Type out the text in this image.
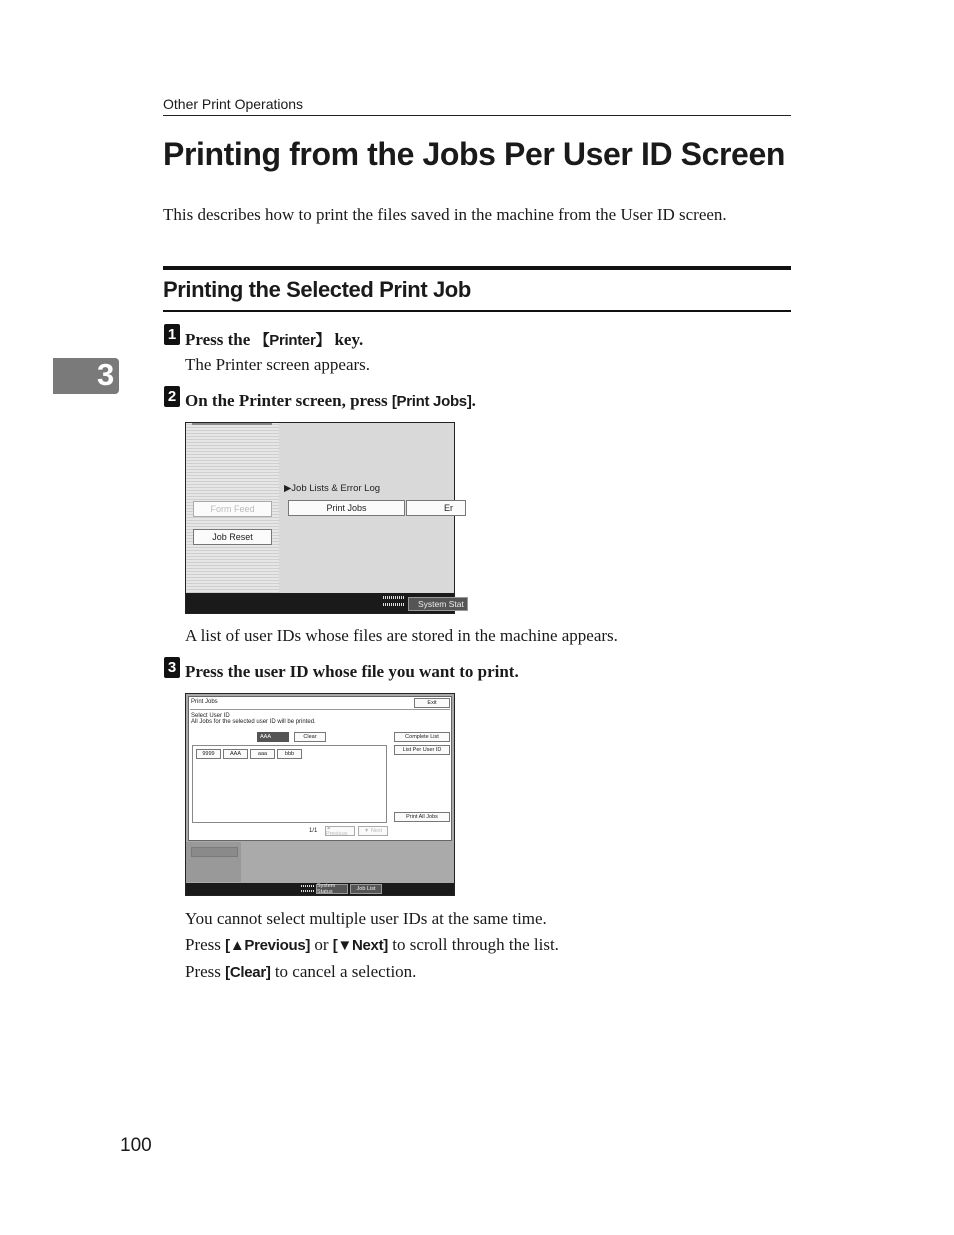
Other Print Operations
Printing from the Jobs Per User ID Screen
This describes how to print the files saved in the machine from the User ID screen.
Printing the Selected Print Job
3
1 Press the 【Printer】 key.
The Printer screen appears.
2 On the Printer screen, press [Print Jobs].
▶Job Lists & Error Log
Form Feed
Job Reset
Print Jobs	Er
System Stat
A list of user IDs whose files are stored in the machine appears.
3 Press the user ID whose file you want to print.
Print Jobs	Exit
Select User ID
All Jobs for the selected user ID will be printed.
AAA	Clear	Complete List
List Per User ID
9999	AAA	aaa	bbb
Print All Jobs
1/1 ▲ Previous	▼ Next
System Status	Job List
You cannot select multiple user IDs at the same time.
Press [▲Previous] or [▼Next] to scroll through the list.
Press [Clear] to cancel a selection.
100
